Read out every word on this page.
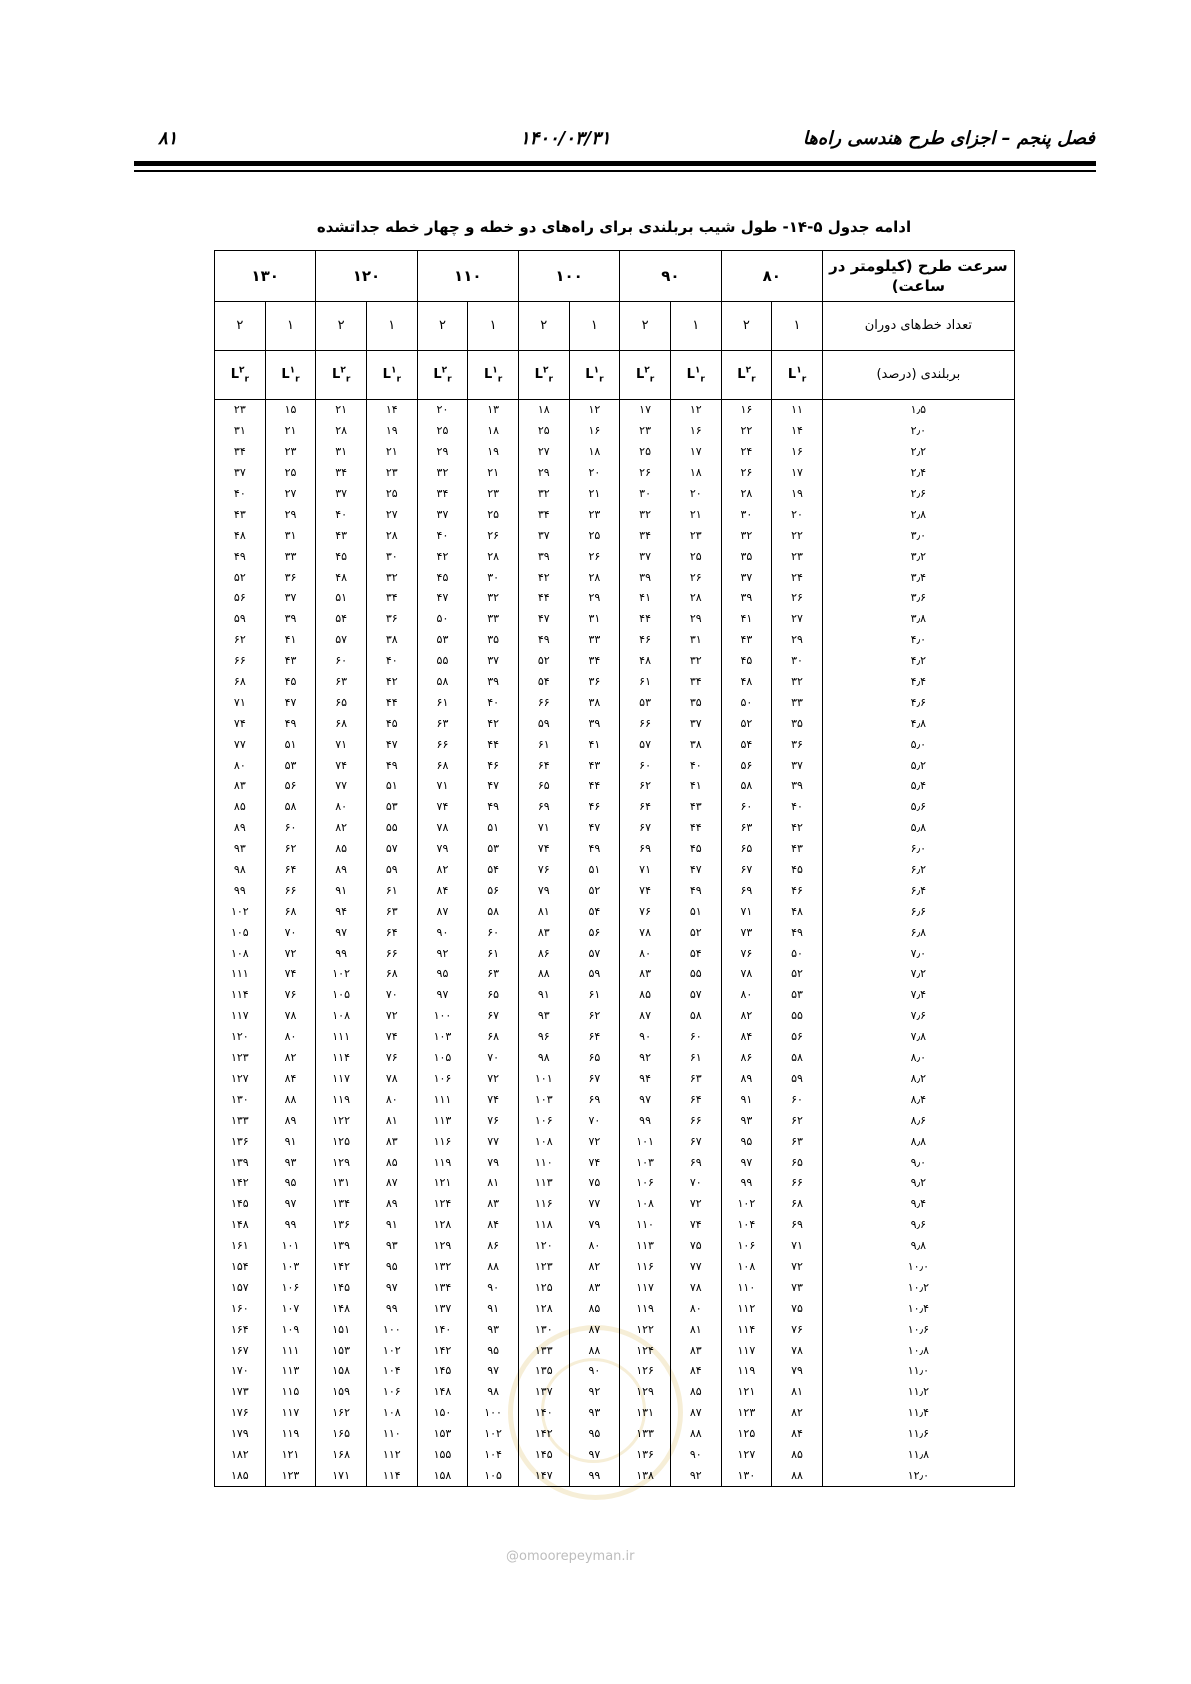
فصل پنجم – اجزای طرح هندسی راه‌ها
۱۴۰۰/۰۳/۳۱
۸۱
ادامه جدول ۵-۱۴- طول شیب بربلندی برای راه‌های دو خطه و چهار خطه جداتشده
@omoorepeyman.ir
سرعت طرح (کیلومتر در ساعت)	۸۰		۹۰		۱۰۰		۱۱۰		۱۲۰		۱۳۰	
تعداد خط‌های دوران	۱	۲	۱	۲	۱	۲	۱	۲	۱	۲	۱	۲
بربلندی (درصد)	$L^۱_r$	$L^۲_r$	$L^۱_r$	$L^۲_r$	$L^۱_r$	$L^۲_r$	$L^۱_r$	$L^۲_r$	$L^۱_r$	$L^۲_r$	$L^۱_r$	$L^۲_r$
۱٫۵	۱۱	۱۶	۱۲	۱۷	۱۲	۱۸	۱۳	۲۰	۱۴	۲۱	۱۵	۲۳
۲٫۰	۱۴	۲۲	۱۶	۲۳	۱۶	۲۵	۱۸	۲۵	۱۹	۲۸	۲۱	۳۱
۲٫۲	۱۶	۲۴	۱۷	۲۵	۱۸	۲۷	۱۹	۲۹	۲۱	۳۱	۲۳	۳۴
۲٫۴	۱۷	۲۶	۱۸	۲۶	۲۰	۲۹	۲۱	۳۲	۲۳	۳۴	۲۵	۳۷
۲٫۶	۱۹	۲۸	۲۰	۳۰	۲۱	۳۲	۲۳	۳۴	۲۵	۳۷	۲۷	۴۰
۲٫۸	۲۰	۳۰	۲۱	۳۲	۲۳	۳۴	۲۵	۳۷	۲۷	۴۰	۲۹	۴۳
۳٫۰	۲۲	۳۲	۲۳	۳۴	۲۵	۳۷	۲۶	۴۰	۲۸	۴۳	۳۱	۴۸
۳٫۲	۲۳	۳۵	۲۵	۳۷	۲۶	۳۹	۲۸	۴۲	۳۰	۴۵	۳۳	۴۹
۳٫۴	۲۴	۳۷	۲۶	۳۹	۲۸	۴۲	۳۰	۴۵	۳۲	۴۸	۳۶	۵۲
۳٫۶	۲۶	۳۹	۲۸	۴۱	۲۹	۴۴	۳۲	۴۷	۳۴	۵۱	۳۷	۵۶
۳٫۸	۲۷	۴۱	۲۹	۴۴	۳۱	۴۷	۳۳	۵۰	۳۶	۵۴	۳۹	۵۹
۴٫۰	۲۹	۴۳	۳۱	۴۶	۳۳	۴۹	۳۵	۵۳	۳۸	۵۷	۴۱	۶۲
۴٫۲	۳۰	۴۵	۳۲	۴۸	۳۴	۵۲	۳۷	۵۵	۴۰	۶۰	۴۳	۶۶
۴٫۴	۳۲	۴۸	۳۴	۶۱	۳۶	۵۴	۳۹	۵۸	۴۲	۶۳	۴۵	۶۸
۴٫۶	۳۳	۵۰	۳۵	۵۳	۳۸	۶۶	۴۰	۶۱	۴۴	۶۵	۴۷	۷۱
۴٫۸	۳۵	۵۲	۳۷	۶۶	۳۹	۵۹	۴۲	۶۳	۴۵	۶۸	۴۹	۷۴
۵٫۰	۳۶	۵۴	۳۸	۵۷	۴۱	۶۱	۴۴	۶۶	۴۷	۷۱	۵۱	۷۷
۵٫۲	۳۷	۵۶	۴۰	۶۰	۴۳	۶۴	۴۶	۶۸	۴۹	۷۴	۵۳	۸۰
۵٫۴	۳۹	۵۸	۴۱	۶۲	۴۴	۶۵	۴۷	۷۱	۵۱	۷۷	۵۶	۸۳
۵٫۶	۴۰	۶۰	۴۳	۶۴	۴۶	۶۹	۴۹	۷۴	۵۳	۸۰	۵۸	۸۵
۵٫۸	۴۲	۶۳	۴۴	۶۷	۴۷	۷۱	۵۱	۷۸	۵۵	۸۲	۶۰	۸۹
۶٫۰	۴۳	۶۵	۴۵	۶۹	۴۹	۷۴	۵۳	۷۹	۵۷	۸۵	۶۲	۹۳
۶٫۲	۴۵	۶۷	۴۷	۷۱	۵۱	۷۶	۵۴	۸۲	۵۹	۸۹	۶۴	۹۸
۶٫۴	۴۶	۶۹	۴۹	۷۴	۵۲	۷۹	۵۶	۸۴	۶۱	۹۱	۶۶	۹۹
۶٫۶	۴۸	۷۱	۵۱	۷۶	۵۴	۸۱	۵۸	۸۷	۶۳	۹۴	۶۸	۱۰۲
۶٫۸	۴۹	۷۳	۵۲	۷۸	۵۶	۸۳	۶۰	۹۰	۶۴	۹۷	۷۰	۱۰۵
۷٫۰	۵۰	۷۶	۵۴	۸۰	۵۷	۸۶	۶۱	۹۲	۶۶	۹۹	۷۲	۱۰۸
۷٫۲	۵۲	۷۸	۵۵	۸۳	۵۹	۸۸	۶۳	۹۵	۶۸	۱۰۲	۷۴	۱۱۱
۷٫۴	۵۳	۸۰	۵۷	۸۵	۶۱	۹۱	۶۵	۹۷	۷۰	۱۰۵	۷۶	۱۱۴
۷٫۶	۵۵	۸۲	۵۸	۸۷	۶۲	۹۳	۶۷	۱۰۰	۷۲	۱۰۸	۷۸	۱۱۷
۷٫۸	۵۶	۸۴	۶۰	۹۰	۶۴	۹۶	۶۸	۱۰۳	۷۴	۱۱۱	۸۰	۱۲۰
۸٫۰	۵۸	۸۶	۶۱	۹۲	۶۵	۹۸	۷۰	۱۰۵	۷۶	۱۱۴	۸۲	۱۲۳
۸٫۲	۵۹	۸۹	۶۳	۹۴	۶۷	۱۰۱	۷۲	۱۰۶	۷۸	۱۱۷	۸۴	۱۲۷
۸٫۴	۶۰	۹۱	۶۴	۹۷	۶۹	۱۰۳	۷۴	۱۱۱	۸۰	۱۱۹	۸۸	۱۳۰
۸٫۶	۶۲	۹۳	۶۶	۹۹	۷۰	۱۰۶	۷۶	۱۱۳	۸۱	۱۲۲	۸۹	۱۳۳
۸٫۸	۶۳	۹۵	۶۷	۱۰۱	۷۲	۱۰۸	۷۷	۱۱۶	۸۳	۱۲۵	۹۱	۱۳۶
۹٫۰	۶۵	۹۷	۶۹	۱۰۳	۷۴	۱۱۰	۷۹	۱۱۹	۸۵	۱۲۹	۹۳	۱۳۹
۹٫۲	۶۶	۹۹	۷۰	۱۰۶	۷۵	۱۱۳	۸۱	۱۲۱	۸۷	۱۳۱	۹۵	۱۴۲
۹٫۴	۶۸	۱۰۲	۷۲	۱۰۸	۷۷	۱۱۶	۸۳	۱۲۴	۸۹	۱۳۴	۹۷	۱۴۵
۹٫۶	۶۹	۱۰۴	۷۴	۱۱۰	۷۹	۱۱۸	۸۴	۱۲۸	۹۱	۱۳۶	۹۹	۱۴۸
۹٫۸	۷۱	۱۰۶	۷۵	۱۱۳	۸۰	۱۲۰	۸۶	۱۲۹	۹۳	۱۳۹	۱۰۱	۱۶۱
۱۰٫۰	۷۲	۱۰۸	۷۷	۱۱۶	۸۲	۱۲۳	۸۸	۱۳۲	۹۵	۱۴۲	۱۰۳	۱۵۴
۱۰٫۲	۷۳	۱۱۰	۷۸	۱۱۷	۸۳	۱۲۵	۹۰	۱۳۴	۹۷	۱۴۵	۱۰۶	۱۵۷
۱۰٫۴	۷۵	۱۱۲	۸۰	۱۱۹	۸۵	۱۲۸	۹۱	۱۳۷	۹۹	۱۴۸	۱۰۷	۱۶۰
۱۰٫۶	۷۶	۱۱۴	۸۱	۱۲۲	۸۷	۱۳۰	۹۳	۱۴۰	۱۰۰	۱۵۱	۱۰۹	۱۶۴
۱۰٫۸	۷۸	۱۱۷	۸۳	۱۲۴	۸۸	۱۳۳	۹۵	۱۴۲	۱۰۲	۱۵۳	۱۱۱	۱۶۷
۱۱٫۰	۷۹	۱۱۹	۸۴	۱۲۶	۹۰	۱۳۵	۹۷	۱۴۵	۱۰۴	۱۵۸	۱۱۳	۱۷۰
۱۱٫۲	۸۱	۱۲۱	۸۵	۱۲۹	۹۲	۱۳۷	۹۸	۱۴۸	۱۰۶	۱۵۹	۱۱۵	۱۷۳
۱۱٫۴	۸۲	۱۲۳	۸۷	۱۳۱	۹۳	۱۴۰	۱۰۰	۱۵۰	۱۰۸	۱۶۲	۱۱۷	۱۷۶
۱۱٫۶	۸۴	۱۲۵	۸۸	۱۳۳	۹۵	۱۴۲	۱۰۲	۱۵۳	۱۱۰	۱۶۵	۱۱۹	۱۷۹
۱۱٫۸	۸۵	۱۲۷	۹۰	۱۳۶	۹۷	۱۴۵	۱۰۴	۱۵۵	۱۱۲	۱۶۸	۱۲۱	۱۸۲
۱۲٫۰	۸۸	۱۳۰	۹۲	۱۳۸	۹۹	۱۴۷	۱۰۵	۱۵۸	۱۱۴	۱۷۱	۱۲۳	۱۸۵
